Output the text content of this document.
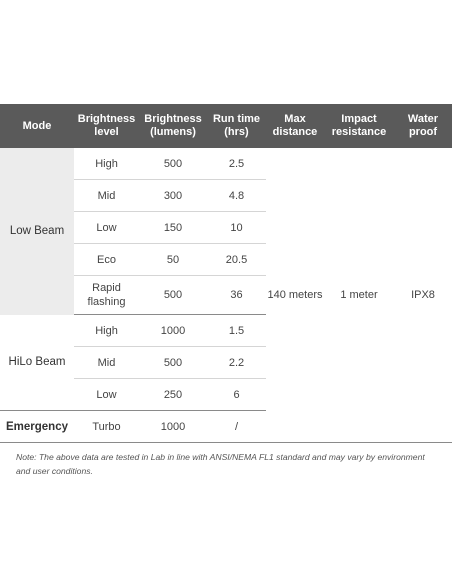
Mode	Brightness level	Brightness (lumens)	Run time (hrs)	Max distance	Impact resistance	Water proof
Low Beam	High	500	2.5	140 meters	1 meter	IPX8
	Mid	300	4.8			
	Low	150	10			
	Eco	50	20.5			
	Rapid flashing	500	36			
HiLo Beam	High	1000	1.5			
	Mid	500	2.2			
	Low	250	6			
Emergency	Turbo	1000	/			
Note: The above data are tested in Lab in line with ANSI/NEMA FL1 standard and may vary by environment and user conditions.
